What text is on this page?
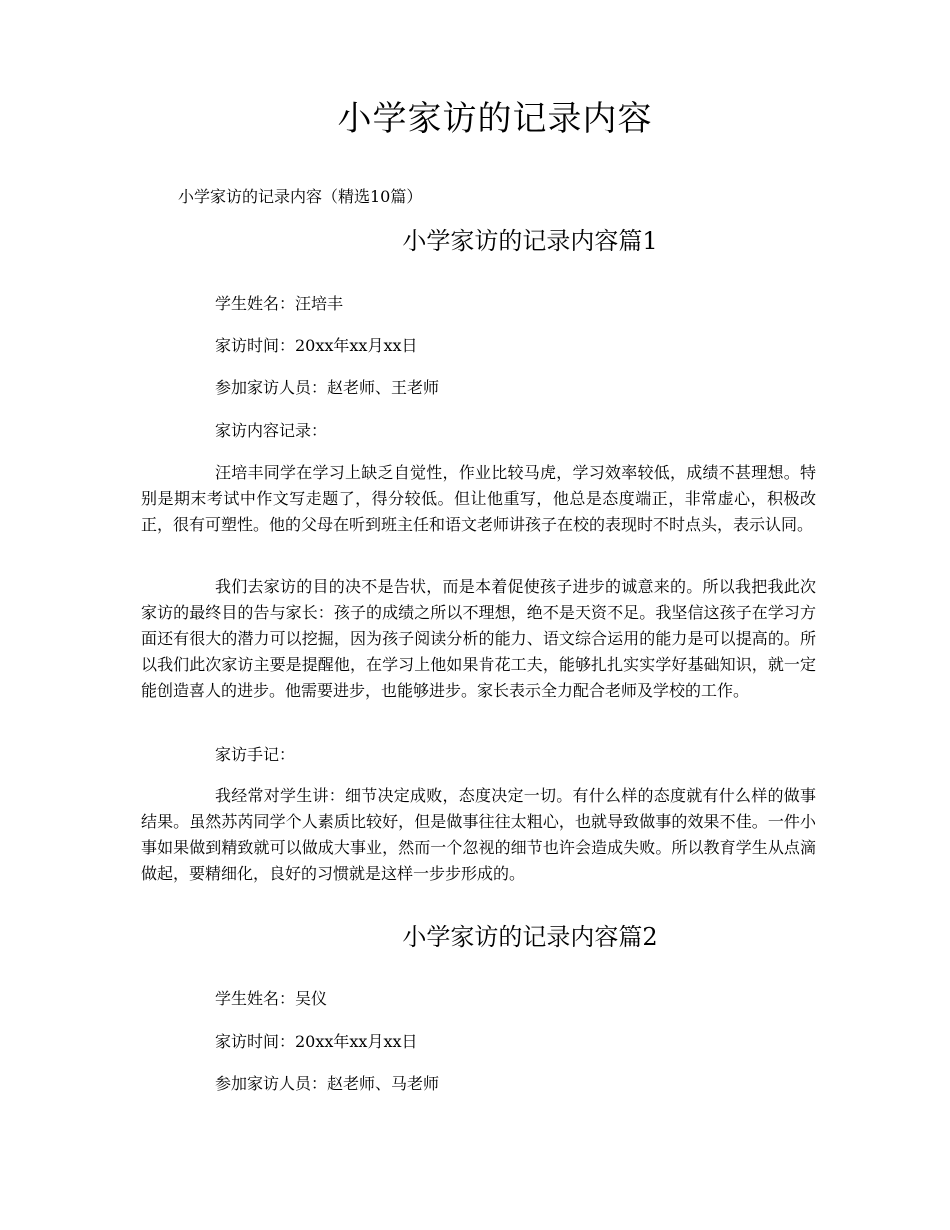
小学家访的记录内容
小学家访的记录内容（精选10篇）
小学家访的记录内容篇1
学生姓名：汪培丰
家访时间：20xx年xx月xx日
参加家访人员：赵老师、王老师
家访内容记录：
汪培丰同学在学习上缺乏自觉性，作业比较马虎，学习效率较低，成绩不甚理想。特别是期末考试中作文写走题了，得分较低。但让他重写，他总是态度端正，非常虚心，积极改正，很有可塑性。他的父母在听到班主任和语文老师讲孩子在校的表现时不时点头，表示认同。
我们去家访的目的决不是告状，而是本着促使孩子进步的诚意来的。所以我把我此次家访的最终目的告与家长：孩子的成绩之所以不理想，绝不是天资不足。我坚信这孩子在学习方面还有很大的潜力可以挖掘，因为孩子阅读分析的能力、语文综合运用的能力是可以提高的。所以我们此次家访主要是提醒他，在学习上他如果肯花工夫，能够扎扎实实学好基础知识，就一定能创造喜人的进步。他需要进步，也能够进步。家长表示全力配合老师及学校的工作。
家访手记：
我经常对学生讲：细节决定成败，态度决定一切。有什么样的态度就有什么样的做事结果。虽然苏芮同学个人素质比较好，但是做事往往太粗心，也就导致做事的效果不佳。一件小事如果做到精致就可以做成大事业，然而一个忽视的细节也许会造成失败。所以教育学生从点滴做起，要精细化，良好的习惯就是这样一步步形成的。
小学家访的记录内容篇2
学生姓名：吴仪
家访时间：20xx年xx月xx日
参加家访人员：赵老师、马老师
